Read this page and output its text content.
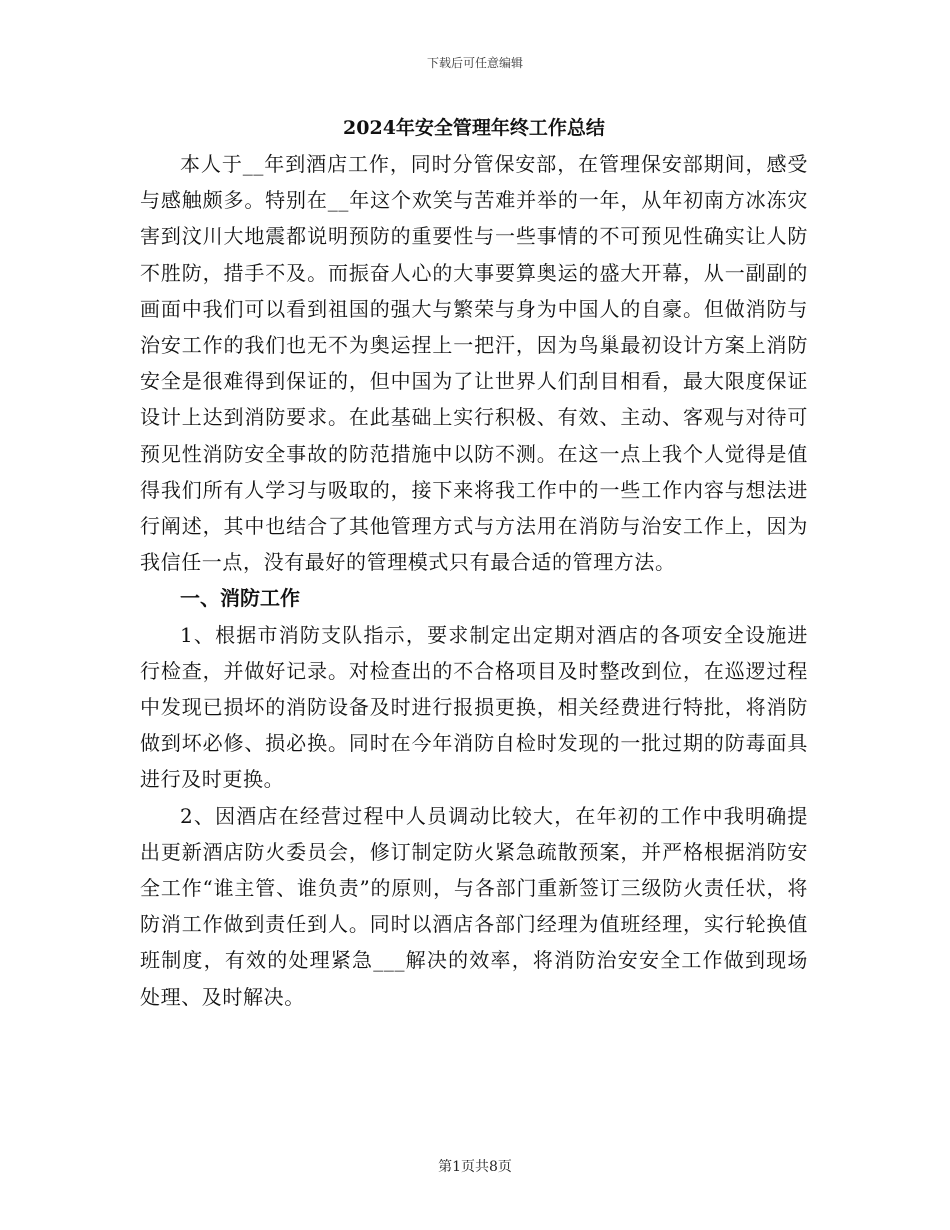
下载后可任意编辑
2024年安全管理年终工作总结

本人于__年到酒店工作，同时分管保安部，在管理保安部期间，感受与感触颇多。特别在__年这个欢笑与苦难并举的一年，从年初南方冰冻灾害到汶川大地震都说明预防的重要性与一些事情的不可预见性确实让人防不胜防，措手不及。而振奋人心的大事要算奥运的盛大开幕，从一副副的画面中我们可以看到祖国的强大与繁荣与身为中国人的自豪。但做消防与治安工作的我们也无不为奥运捏上一把汗，因为鸟巢最初设计方案上消防安全是很难得到保证的，但中国为了让世界人们刮目相看，最大限度保证设计上达到消防要求。在此基础上实行积极、有效、主动、客观与对待可预见性消防安全事故的防范措施中以防不测。在这一点上我个人觉得是值得我们所有人学习与吸取的，接下来将我工作中的一些工作内容与想法进行阐述，其中也结合了其他管理方式与方法用在消防与治安工作上，因为我信任一点，没有最好的管理模式只有最合适的管理方法。

一、消防工作

1、根据市消防支队指示，要求制定出定期对酒店的各项安全设施进行检查，并做好记录。对检查出的不合格项目及时整改到位，在巡逻过程中发现已损坏的消防设备及时进行报损更换，相关经费进行特批，将消防做到坏必修、损必换。同时在今年消防自检时发现的一批过期的防毒面具进行及时更换。

2、因酒店在经营过程中人员调动比较大，在年初的工作中我明确提出更新酒店防火委员会，修订制定防火紧急疏散预案，并严格根据消防安全工作“谁主管、谁负责”的原则，与各部门重新签订三级防火责任状，将防消工作做到责任到人。同时以酒店各部门经理为值班经理，实行轮换值班制度，有效的处理紧急___解决的效率，将消防治安安全工作做到现场处理、及时解决。

第1页共8页
